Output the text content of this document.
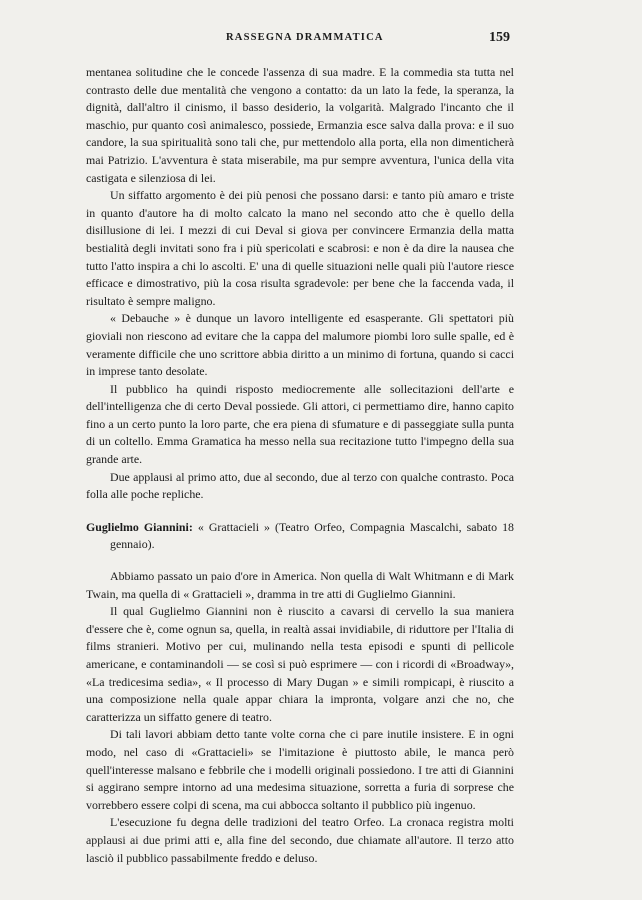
RASSEGNA DRAMMATICA	159

mentanea solitudine che le concede l'assenza di sua madre. E la commedia sta tutta nel contrasto delle due mentalità che vengono a contatto: da un lato la fede, la speranza, la dignità, dall'altro il cinismo, il basso desiderio, la volgarità. Malgrado l'incanto che il maschio, pur quanto così animalesco, possiede, Ermanzia esce salva dalla prova: e il suo candore, la sua spiritualità sono tali che, pur mettendolo alla porta, ella non dimenticherà mai Patrizio. L'avventura è stata miserabile, ma pur sempre avventura, l'unica della vita castigata e silenziosa di lei.

Un siffatto argomento è dei più penosi che possano darsi: e tanto più amaro e triste in quanto d'autore ha di molto calcato la mano nel secondo atto che è quello della disillusione di lei. I mezzi di cui Deval si giova per convincere Ermanzia della matta bestialità degli invitati sono fra i più spericolati e scabrosi: e non è da dire la nausea che tutto l'atto inspira a chi lo ascolti. E' una di quelle situazioni nelle quali più l'autore riesce efficace e dimostrativo, più la cosa risulta sgradevole: per bene che la faccenda vada, il risultato è sempre maligno.

« Debauche » è dunque un lavoro intelligente ed esasperante. Gli spettatori più gioviali non riescono ad evitare che la cappa del malumore piombi loro sulle spalle, ed è veramente difficile che uno scrittore abbia diritto a un minimo di fortuna, quando si cacci in imprese tanto desolate.

Il pubblico ha quindi risposto mediocremente alle sollecitazioni dell'arte e dell'intelligenza che di certo Deval possiede. Gli attori, ci permettiamo dire, hanno capito fino a un certo punto la loro parte, che era piena di sfumature e di passeggiate sulla punta di un coltello. Emma Gramatica ha messo nella sua recitazione tutto l'impegno della sua grande arte.

Due applausi al primo atto, due al secondo, due al terzo con qualche contrasto. Poca folla alle poche repliche.

Guglielmo Giannini: « Grattacieli » (Teatro Orfeo, Compagnia Mascalchi, sabato 18 gennaio).

Abbiamo passato un paio d'ore in America. Non quella di Walt Whitmann e di Mark Twain, ma quella di « Grattacieli », dramma in tre atti di Guglielmo Giannini.

Il qual Guglielmo Giannini non è riuscito a cavarsi di cervello la sua maniera d'essere che è, come ognun sa, quella, in realtà assai invidiabile, di riduttore per l'Italia di films stranieri. Motivo per cui, mulinando nella testa episodi e spunti di pellicole americane, e contaminandoli — se così si può esprimere — con i ricordi di «Broadway», «La tredicesima sedia», « Il processo di Mary Dugan » e simili rompicapi, è riuscito a una composizione nella quale appar chiara la impronta, volgare anzi che no, che caratterizza un siffatto genere di teatro.

Di tali lavori abbiam detto tante volte corna che ci pare inutile insistere. E in ogni modo, nel caso di «Grattacieli» se l'imitazione è piuttosto abile, le manca però quell'interesse malsano e febbrile che i modelli originali possiedono. I tre atti di Giannini si aggirano sempre intorno ad una medesima situazione, sorretta a furia di sorprese che vorrebbero essere colpi di scena, ma cui abbocca soltanto il pubblico più ingenuo.

L'esecuzione fu degna delle tradizioni del teatro Orfeo. La cronaca registra molti applausi ai due primi atti e, alla fine del secondo, due chiamate all'autore. Il terzo atto lasciò il pubblico passabilmente freddo e deluso.
